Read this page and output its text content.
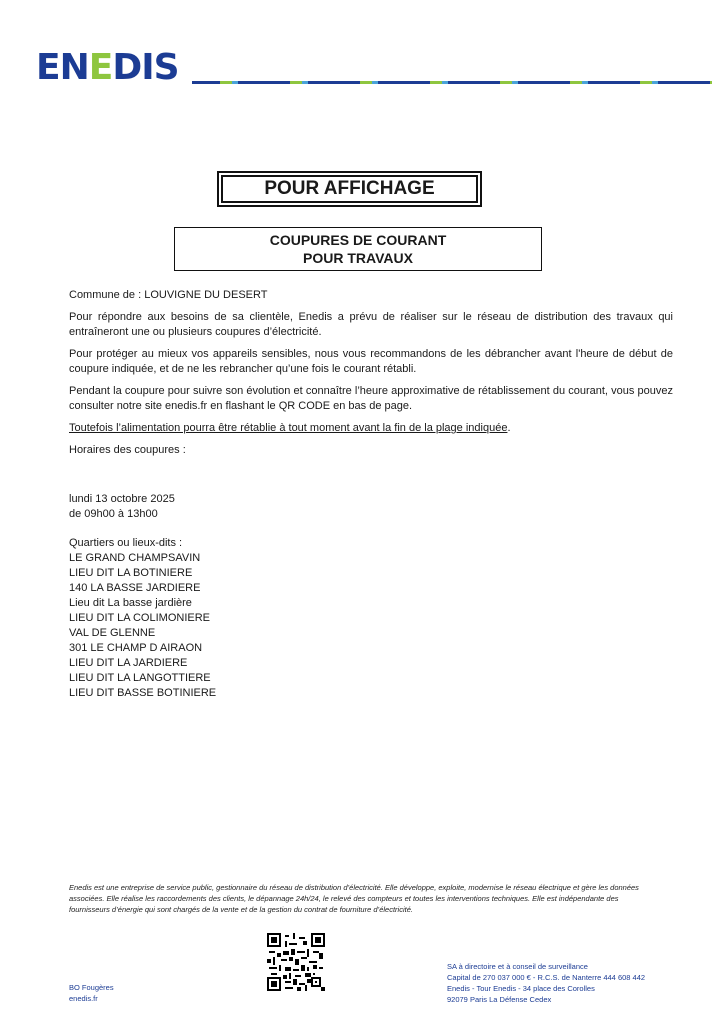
EN E DIS
POUR AFFICHAGE
COUPURES DE COURANT
POUR TRAVAUX

Commune de : LOUVIGNE DU DESERT

Pour répondre aux besoins de sa clientèle, Enedis a prévu de réaliser sur le réseau de distribution des travaux qui entraîneront une ou plusieurs coupures d’électricité.

Pour protéger au mieux vos appareils sensibles, nous vous recommandons de les débrancher avant l'heure de début de coupure indiquée, et de ne les rebrancher qu’une fois le courant rétabli.

Pendant la coupure pour suivre son évolution et connaître l’heure approximative de rétablissement du courant, vous pouvez consulter notre site enedis.fr en flashant le QR CODE en bas de page.

Toutefois l’alimentation pourra être rétablie à tout moment avant la fin de la plage indiquée.

Horaires des coupures :

lundi 13 octobre 2025
de 09h00 à 13h00
Quartiers ou lieux-dits :
LE GRAND CHAMPSAVIN
LIEU DIT LA BOTINIERE
140 LA BASSE JARDIERE
Lieu dit La basse jardière
LIEU DIT LA COLIMONIERE
VAL DE GLENNE
301 LE CHAMP D AIRAON
LIEU DIT LA JARDIERE
LIEU DIT LA LANGOTTIERE
LIEU DIT BASSE BOTINIERE
Enedis est une entreprise de service public, gestionnaire du réseau de distribution d’électricité. Elle développe, exploite, modernise le réseau électrique et gère les données associées. Elle réalise les raccordements des clients, le dépannage 24h/24, le relevé des compteurs et toutes les interventions techniques. Elle est indépendante des fournisseurs d’énergie qui sont chargés de la vente et de la gestion du contrat de fourniture d’électricité.
BO Fougères
enedis.fr
SA à directoire et à conseil de surveillance
Capital de 270 037 000 € - R.C.S. de Nanterre 444 608 442
Enedis - Tour Enedis - 34 place des Corolles
92079 Paris La Défense Cedex
